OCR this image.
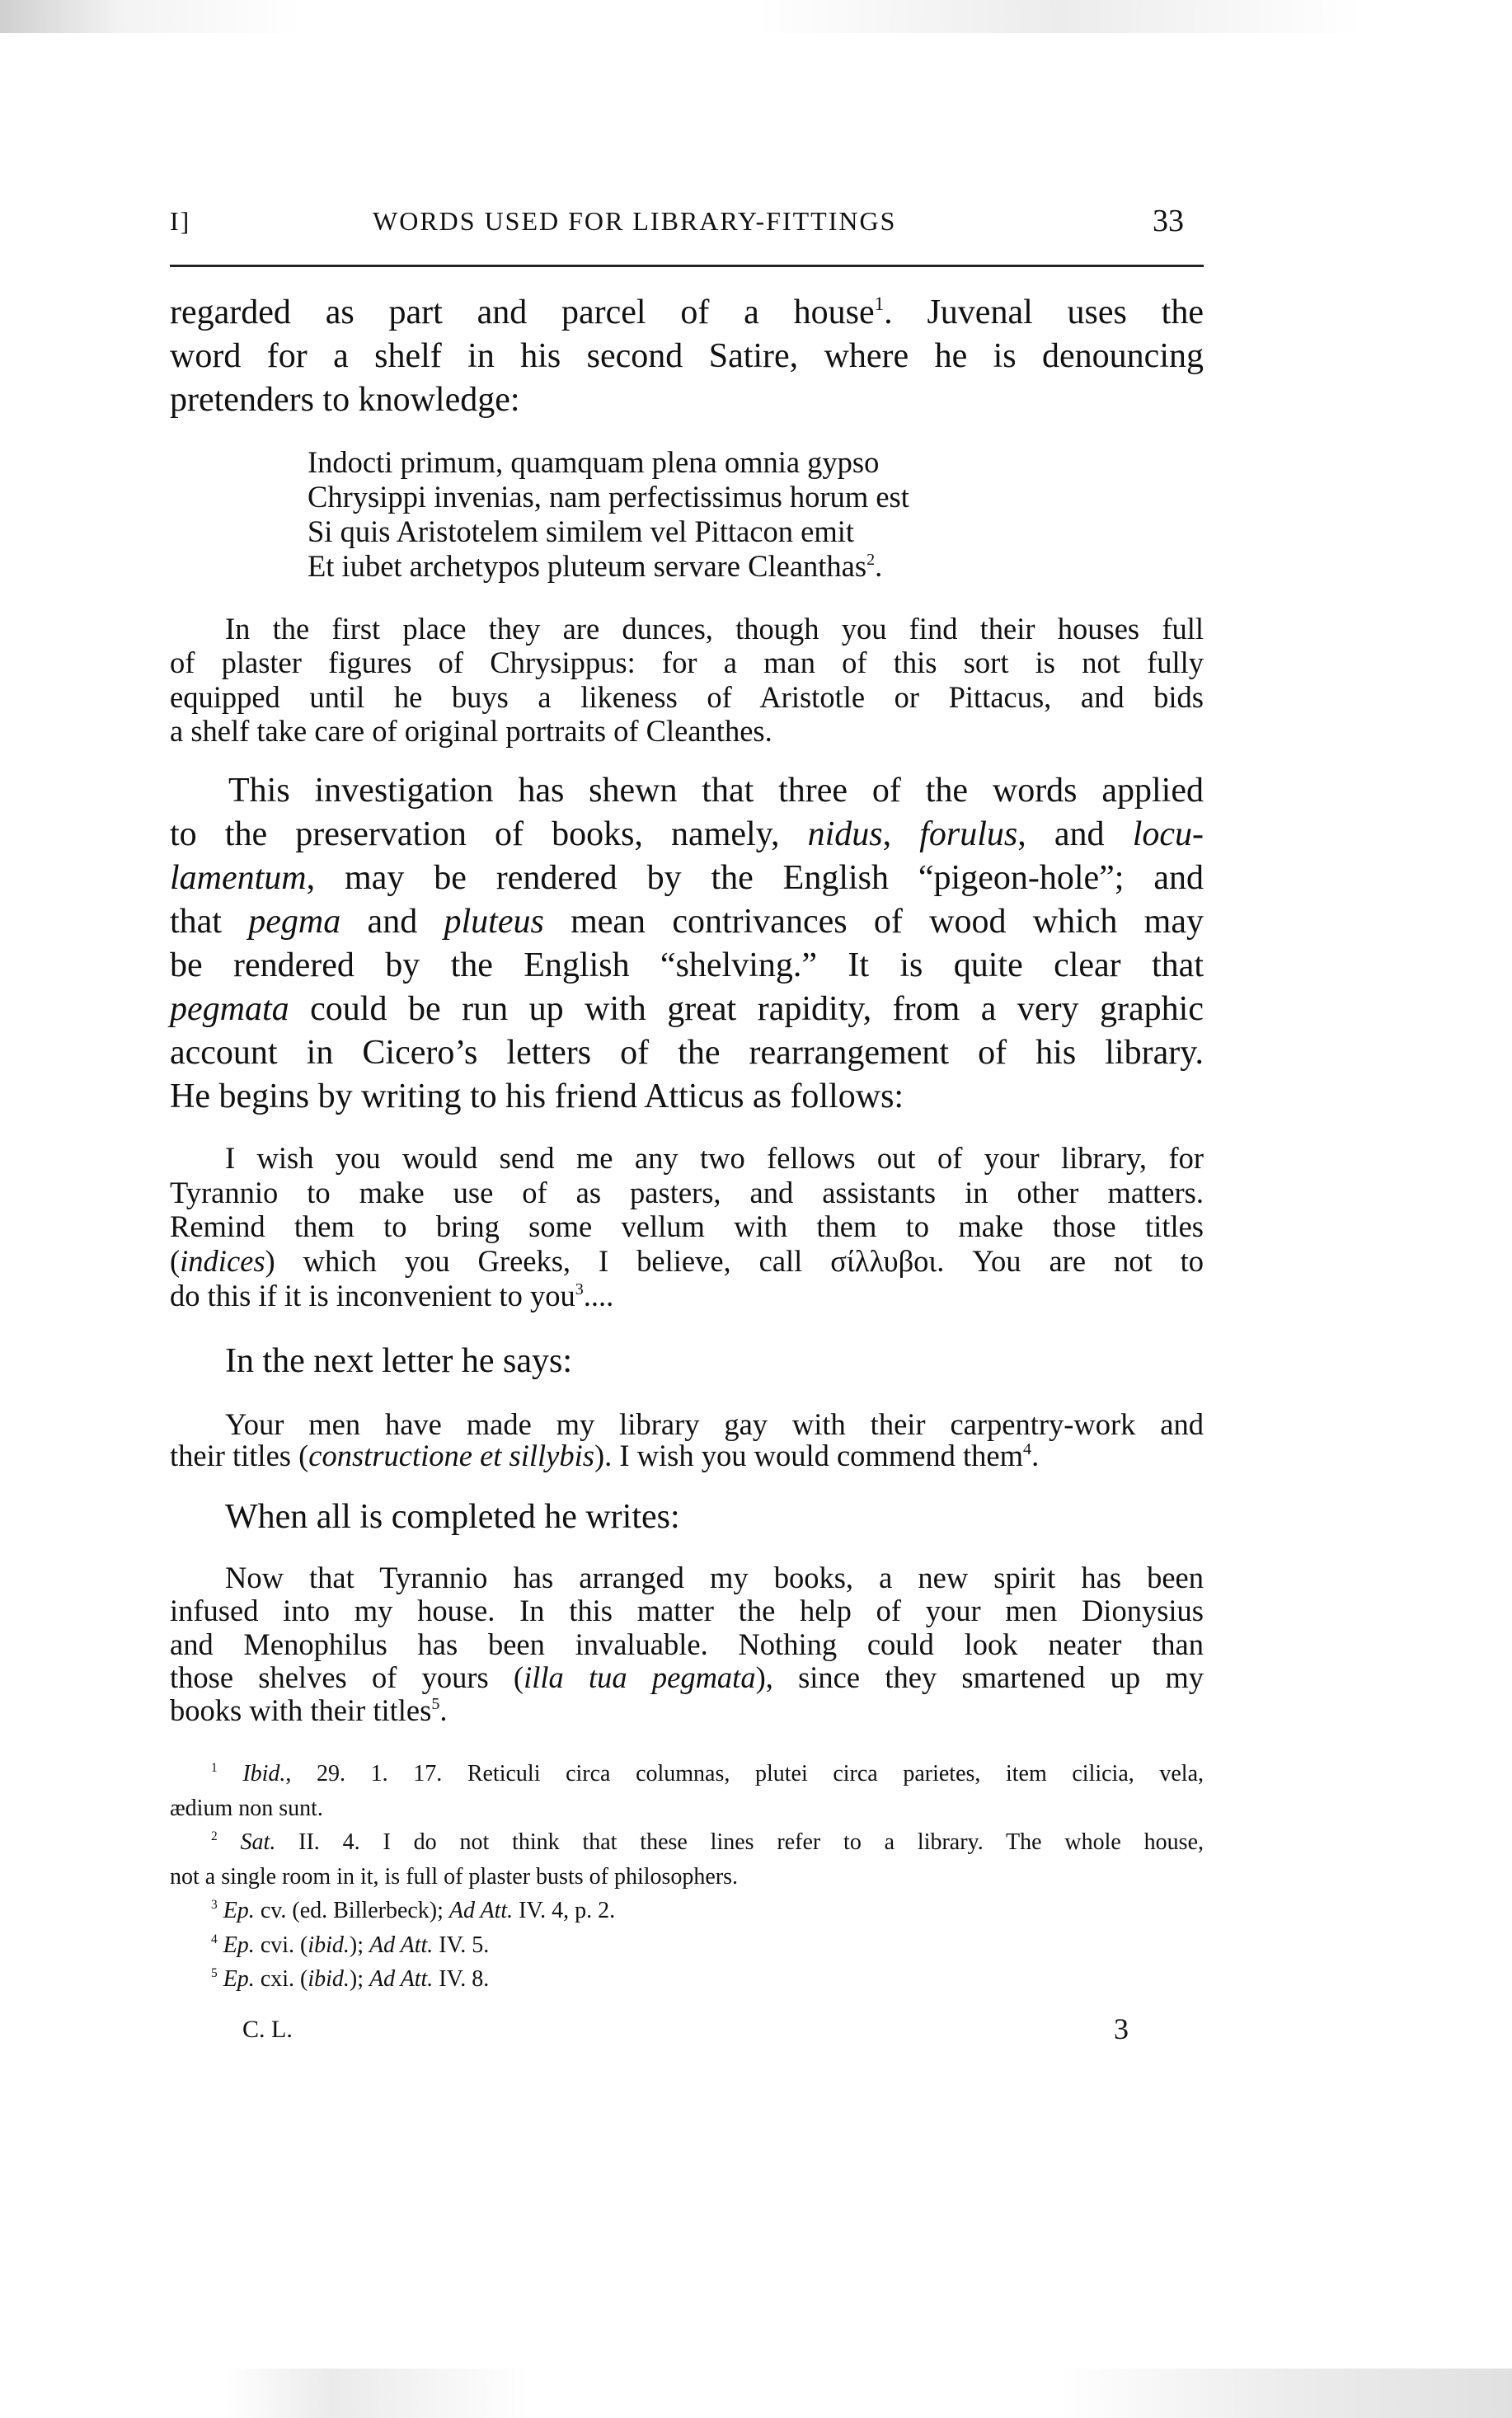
I]	WORDS USED FOR LIBRARY-FITTINGS	33
regarded as part and parcel of a house$^1$. Juvenal uses the
word for a shelf in his second Satire, where he is denouncing
pretenders to knowledge:
Indocti primum, quamquam plena omnia gypso
Chrysippi invenias, nam perfectissimus horum est
Si quis Aristotelem similem vel Pittacon emit
Et iubet archetypos pluteum servare Cleanthas$^2$.
In the first place they are dunces, though you find their houses full
of plaster figures of Chrysippus: for a man of this sort is not fully
equipped until he buys a likeness of Aristotle or Pittacus, and bids
a shelf take care of original portraits of Cleanthes.
This investigation has shewn that three of the words applied
to the preservation of books, namely, nidus, forulus, and locu-
lamentum, may be rendered by the English “pigeon-hole”; and
that pegma and pluteus mean contrivances of wood which may
be rendered by the English “shelving.” It is quite clear that
pegmata could be run up with great rapidity, from a very graphic
account in Cicero’s letters of the rearrangement of his library.
He begins by writing to his friend Atticus as follows:
I wish you would send me any two fellows out of your library, for
Tyrannio to make use of as pasters, and assistants in other matters.
Remind them to bring some vellum with them to make those titles
(indices) which you Greeks, I believe, call σίλλυβοι. You are not to
do this if it is inconvenient to you$^3$....
In the next letter he says:
Your men have made my library gay with their carpentry-work and
their titles (constructione et sillybis). I wish you would commend them$^4$.
When all is completed he writes:
Now that Tyrannio has arranged my books, a new spirit has been
infused into my house. In this matter the help of your men Dionysius
and Menophilus has been invaluable. Nothing could look neater than
those shelves of yours (illa tua pegmata), since they smartened up my
books with their titles$^5$.
$^1$ Ibid., 29. 1. 17. Reticuli circa columnas, plutei circa parietes, item cilicia, vela,
ædium non sunt.
$^2$ Sat. II. 4. I do not think that these lines refer to a library. The whole house,
not a single room in it, is full of plaster busts of philosophers.
$^3$ Ep. cv. (ed. Billerbeck); Ad Att. IV. 4, p. 2.
$^4$ Ep. cvi. (ibid.); Ad Att. IV. 5.
$^5$ Ep. cxi. (ibid.); Ad Att. IV. 8.
C. L.	3
